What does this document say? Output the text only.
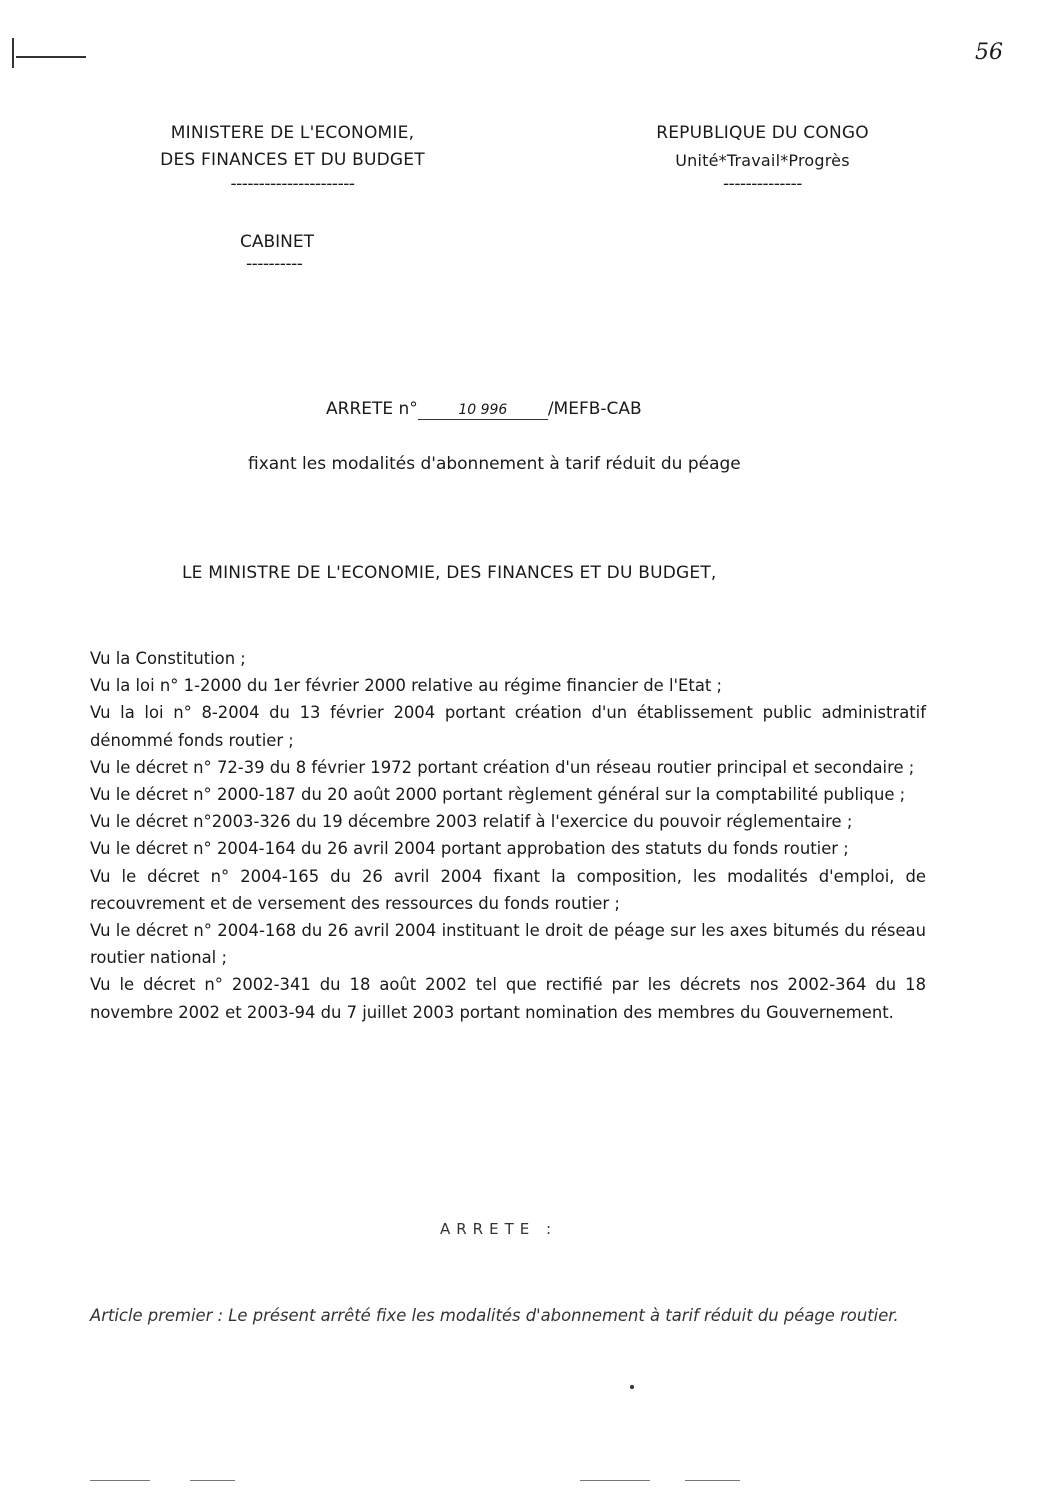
56
MINISTERE DE L'ECONOMIE,
DES FINANCES ET DU BUDGET
----------------------
REPUBLIQUE DU CONGO
Unité*Travail*Progrès
--------------
CABINET
----------
ARRETE n°	10 996 /MEFB-CAB
fixant les modalités d'abonnement à tarif réduit du péage
LE MINISTRE DE L'ECONOMIE, DES FINANCES ET DU BUDGET,

Vu la Constitution ;

Vu la loi n° 1-2000 du 1er février 2000 relative au régime financier de l'Etat ;

Vu la loi n° 8-2004 du 13 février 2004 portant création d'un établissement public administratif dénommé fonds routier ;

Vu le décret n° 72-39 du 8 février 1972 portant création d'un réseau routier principal et secondaire ;

Vu le décret n° 2000-187 du 20 août 2000 portant règlement général sur la comptabilité publique ;

Vu le décret n°2003-326 du 19 décembre 2003 relatif à l'exercice du pouvoir réglementaire ;

Vu le décret n° 2004-164 du 26 avril 2004 portant approbation des statuts du fonds routier ;

Vu le décret n° 2004-165 du 26 avril 2004 fixant la composition, les modalités d'emploi, de recouvrement et de versement des ressources du fonds routier ;

Vu le décret n° 2004-168 du 26 avril 2004 instituant le droit de péage sur les axes bitumés du réseau routier national ;

Vu le décret n° 2002-341 du 18 août 2002 tel que rectifié par les décrets nos 2002-364 du 18 novembre 2002 et 2003-94 du 7 juillet 2003 portant nomination des membres du Gouvernement.

ARRETE :
Article premier : Le présent arrêté fixe les modalités d'abonnement à tarif réduit du péage routier.
